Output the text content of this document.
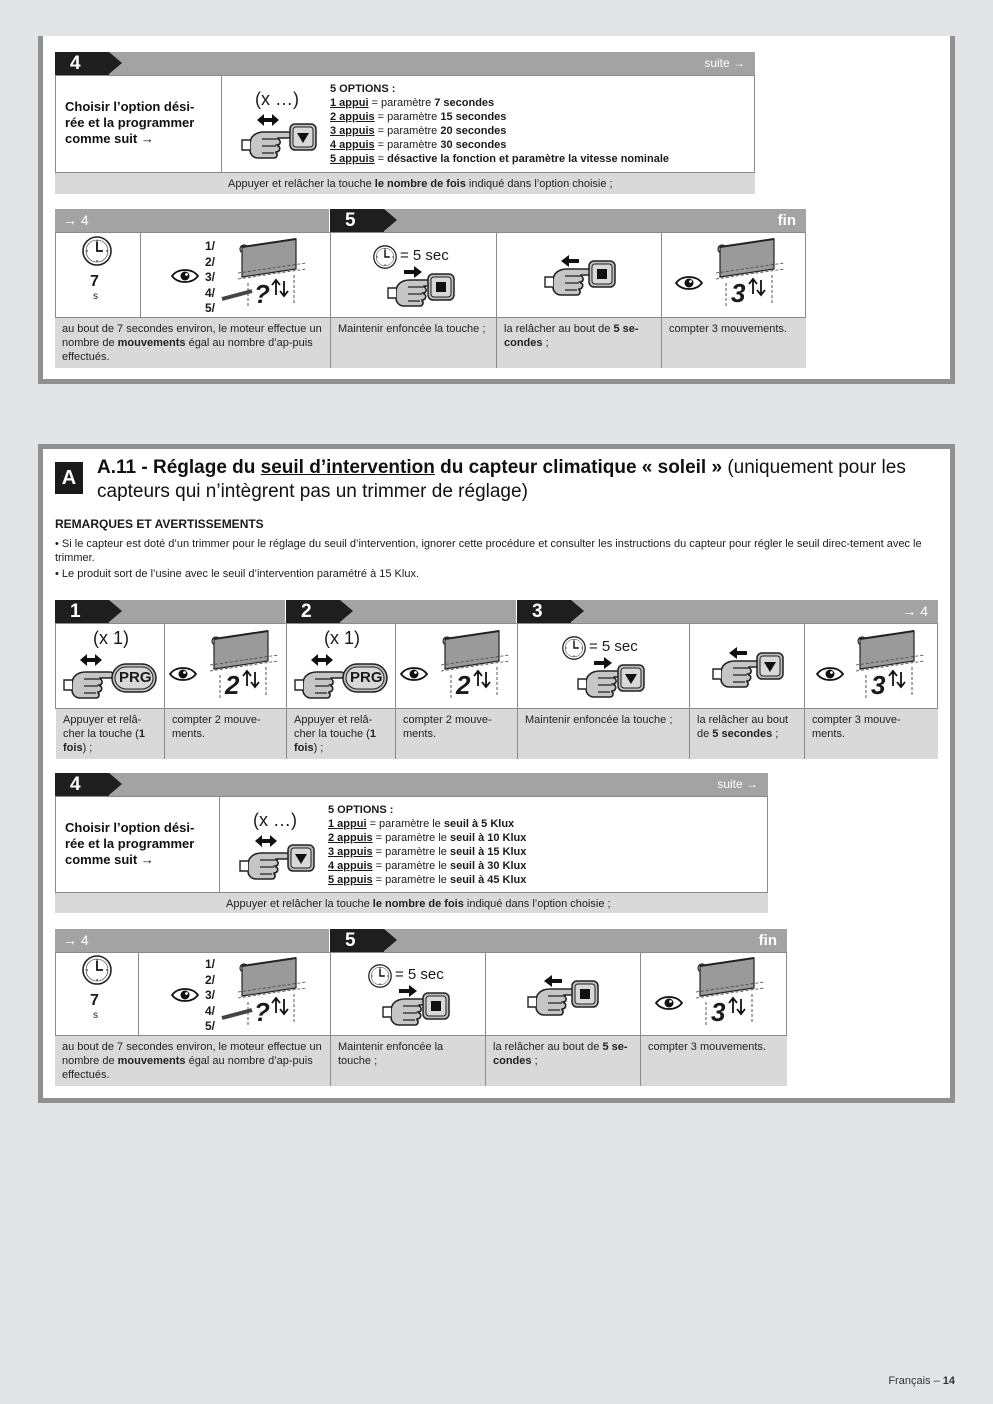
4	suite →
Choisir l’option dési-rée et la programmer comme suit →
(x …)	5 OPTIONS :
1 appui = paramètre 7 secondes
2 appuis = paramètre 15 secondes
3 appuis = paramètre 20 secondes
4 appuis = paramètre 30 secondes
5 appuis = désactive la fonction et paramètre la vitesse nominale
Appuyer et relâcher la touche le nombre de fois indiqué dans l’option choisie ;
→ 4	5	fin
7
s
1/
2/
3/
4/
5/ ?
= 5 sec
3
au bout de 7 secondes environ, le moteur effectue un nombre de mouvements égal au nombre d’ap-puis effectués.
Maintenir enfoncée la touche ;	la relâcher au bout de 5 se-condes ;
compter 3 mouvements.
A	A.11 - Réglage du seuil d’intervention du capteur climatique « soleil » (uniquement pour les capteurs qui n’intègrent pas un trimmer de réglage)
REMARQUES ET AVERTISSEMENTS
• Si le capteur est doté d’un trimmer pour le réglage du seuil d’intervention, ignorer cette procédure et consulter les instructions du capteur pour régler le seuil direc-tement avec le trimmer.
• Le produit sort de l’usine avec le seuil d’intervention paramétré à 15 Klux.
1	2	3	→ 4
(x 1)
PRG	2
(x 1)
PRG	2
= 5 sec
3
Appuyer et relâ-cher la touche (1 fois) ;
compter 2 mouve-ments.
Appuyer et relâ-cher la touche (1 fois) ;
compter 2 mouve-ments.
Maintenir enfoncée la touche ;	la relâcher au bout de 5 secondes ;
compter 3 mouve-ments.
4	suite →
Choisir l’option dési-rée et la programmer comme suit →
(x …)	5 OPTIONS :
1 appui = paramètre le seuil à 5 Klux
2 appuis = paramètre le seuil à 10 Klux
3 appuis = paramètre le seuil à 15 Klux
4 appuis = paramètre le seuil à 30 Klux
5 appuis = paramètre le seuil à 45 Klux
Appuyer et relâcher la touche le nombre de fois indiqué dans l’option choisie ;
→ 4	5	fin
7
s
1/
2/
3/
4/
5/ ?
= 5 sec
3
au bout de 7 secondes environ, le moteur effectue un nombre de mouvements égal au nombre d’ap-puis effectués.
Maintenir enfoncée la touche ;
la relâcher au bout de 5 se-condes ;
compter 3 mouvements.
Français – 14
